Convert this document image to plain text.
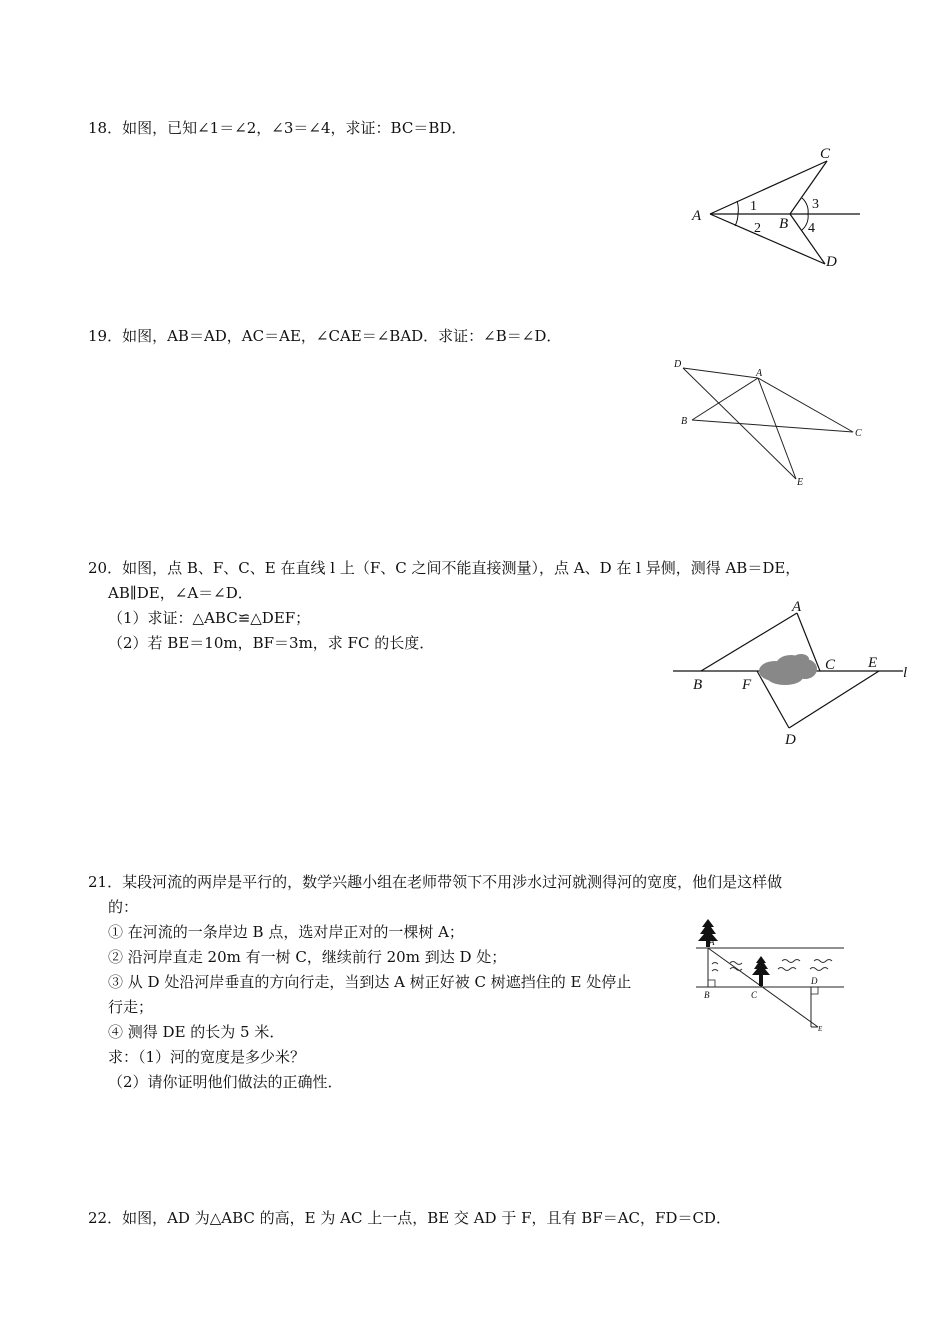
18．如图，已知∠1＝∠2，∠3＝∠4，求证：BC＝BD．
A	B
C
D
1
2
3
4
19．如图，AB＝AD，AC＝AE，∠CAE＝∠BAD．求证：∠B＝∠D．
D
A
B
C
E
20．如图，点 B、F、C、E 在直线 l 上（F、C 之间不能直接测量），点 A、D 在 l 异侧，测得 AB＝DE，
AB∥DE，∠A＝∠D．
（1）求证：△ABC≌△DEF；
（2）若 BE＝10m，BF＝3m，求 FC 的长度．
A
B	F
C E
D
l
21．某段河流的两岸是平行的，数学兴趣小组在老师带领下不用涉水过河就测得河的宽度，他们是这样做
的：
① 在河流的一条岸边 B 点，选对岸正对的一棵树 A；
② 沿河岸直走 20m 有一树 C，继续前行 20m 到达 D 处；
③ 从 D 处沿河岸垂直的方向行走，当到达 A 树正好被 C 树遮挡住的 E 处停止
行走；
④ 测得 DE 的长为 5 米．
求：（1）河的宽度是多少米？
（2）请你证明他们做法的正确性．
A
B	C
D
E
22．如图，AD 为△ABC 的高，E 为 AC 上一点，BE 交 AD 于 F，且有 BF＝AC，FD＝CD．
